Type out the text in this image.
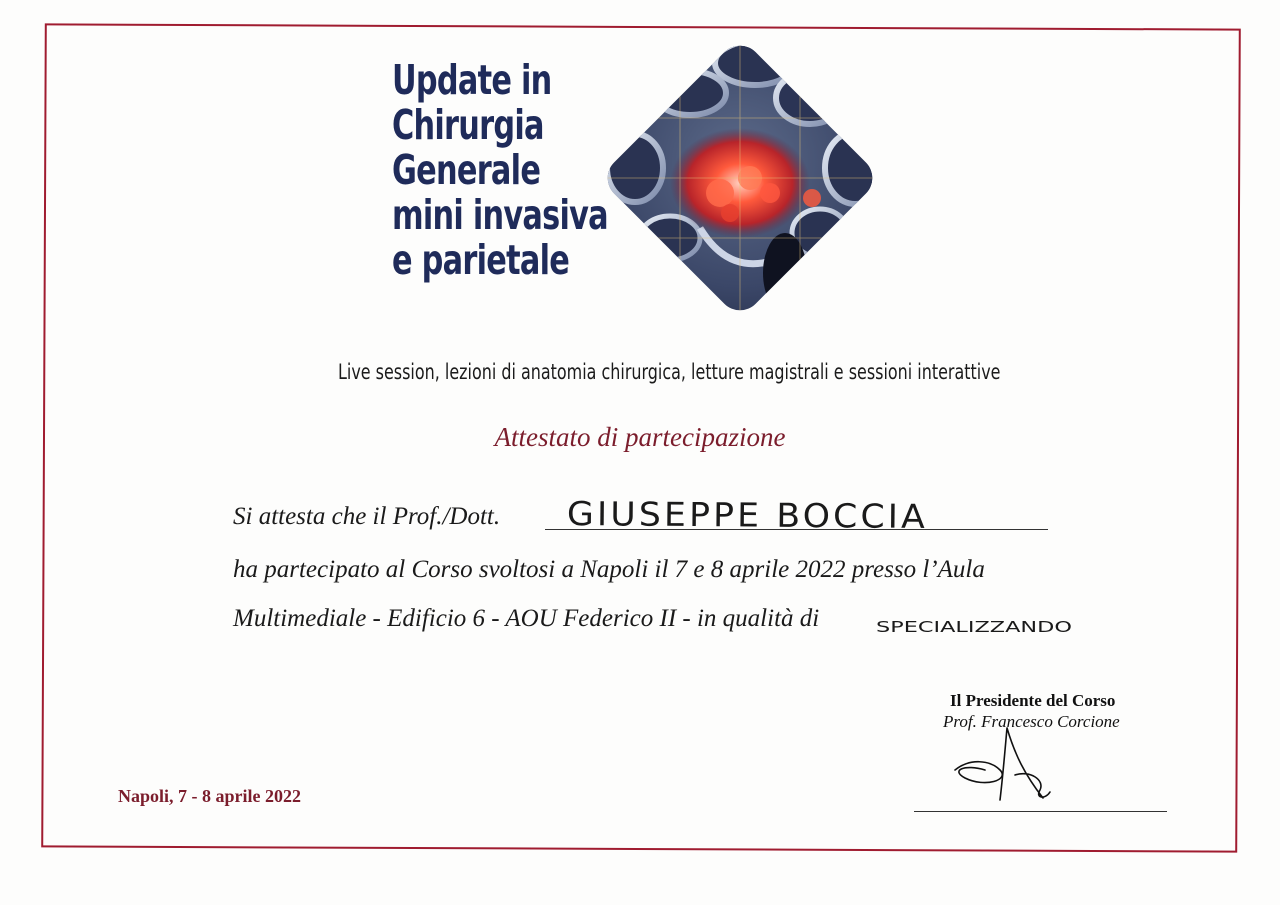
Update in
Chirurgia
Generale
mini invasiva
e parietale
Live session, lezioni di anatomia chirurgica, letture magistrali e sessioni interattive
Attestato di partecipazione
Si attesta che il Prof./Dott. GIUSEPPE BOCCIA
ha partecipato al Corso svoltosi a Napoli il 7 e 8 aprile 2022 presso l’Aula
Multimediale - Edificio 6 - AOU Federico II - in qualità di	SPECIALIZZANDO
Il Presidente del Corso
Prof. Francesco Corcione
Napoli, 7 - 8 aprile 2022
